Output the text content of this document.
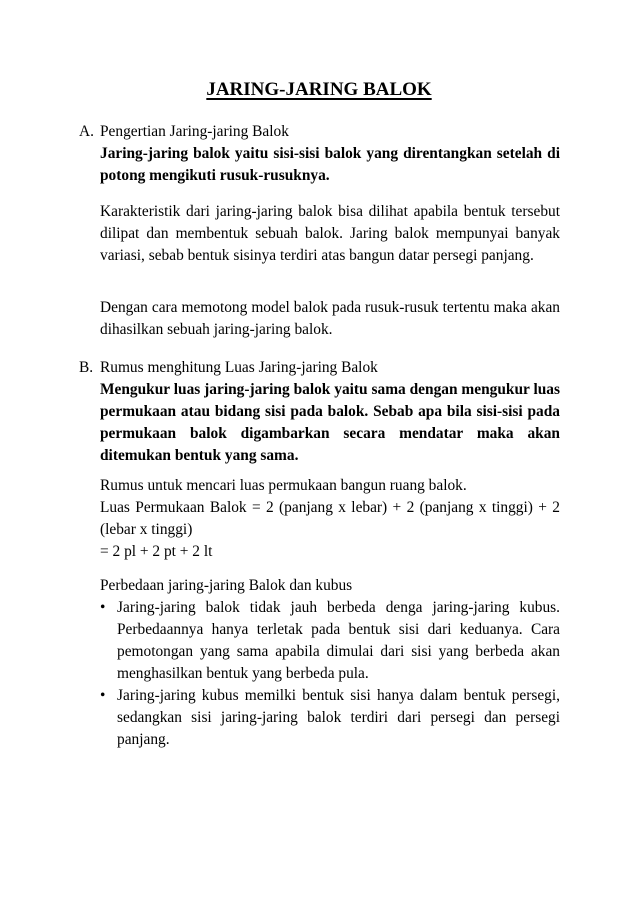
JARING-JARING BALOK
A. Pengertian Jaring-jaring Balok
Jaring-jaring balok yaitu sisi-sisi balok yang direntangkan setelah di potong mengikuti rusuk-rusuknya.
Karakteristik dari jaring-jaring balok bisa dilihat apabila bentuk tersebut dilipat dan membentuk sebuah balok. Jaring balok mempunyai banyak variasi, sebab bentuk sisinya terdiri atas bangun datar persegi panjang.
Dengan cara memotong model balok pada rusuk-rusuk tertentu maka akan dihasilkan sebuah jaring-jaring balok.
B. Rumus menghitung Luas Jaring-jaring Balok
Mengukur luas jaring-jaring balok yaitu sama dengan mengukur luas permukaan atau bidang sisi pada balok. Sebab apa bila sisi-sisi pada permukaan balok digambarkan secara mendatar maka akan ditemukan bentuk yang sama.
Rumus untuk mencari luas permukaan bangun ruang balok.
Luas Permukaan Balok = 2 (panjang x lebar) + 2 (panjang x tinggi) + 2 (lebar x tinggi)
= 2 pl + 2 pt + 2 lt
Perbedaan jaring-jaring Balok dan kubus
• Jaring-jaring balok tidak jauh berbeda denga jaring-jaring kubus. Perbedaannya hanya terletak pada bentuk sisi dari keduanya. Cara pemotongan yang sama apabila dimulai dari sisi yang berbeda akan menghasilkan bentuk yang berbeda pula.
• Jaring-jaring kubus memilki bentuk sisi hanya dalam bentuk persegi, sedangkan sisi jaring-jaring balok terdiri dari persegi dan persegi panjang.
